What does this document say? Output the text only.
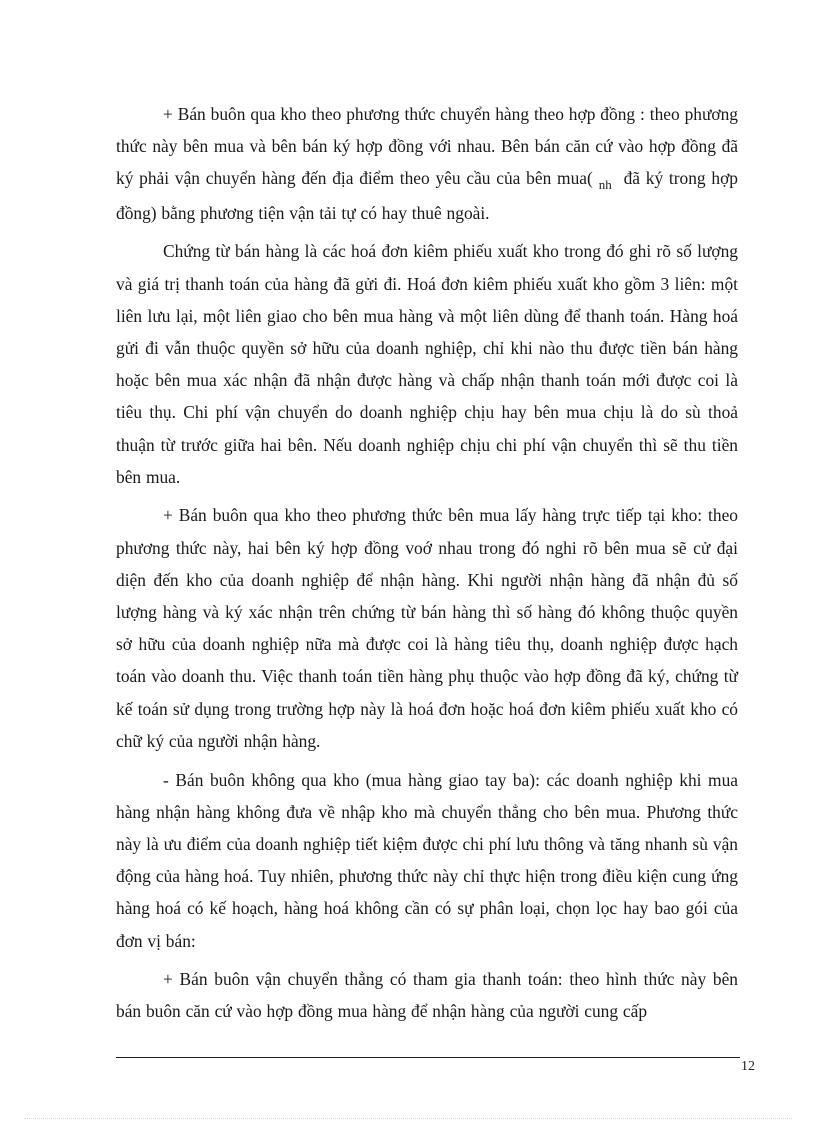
+ Bán buôn qua kho theo phương thức chuyển hàng theo hợp đồng : theo phương thức này bên mua và bên bán ký hợp đồng với nhau. Bên bán căn cứ vào hợp đồng đã ký phải vận chuyển hàng đến địa điểm theo yêu cầu của bên mua( $_{nh}$ đã ký trong hợp đồng) bằng phương tiện vận tải tự có hay thuê ngoài.

Chứng từ bán hàng là các hoá đơn kiêm phiếu xuất kho trong đó ghi rõ số lượng và giá trị thanh toán của hàng đã gửi đi. Hoá đơn kiêm phiếu xuất kho gồm 3 liên: một liên lưu lại, một liên giao cho bên mua hàng và một liên dùng để thanh toán. Hàng hoá gửi đi vẫn thuộc quyền sở hữu của doanh nghiệp, chỉ khi nào thu được tiền bán hàng hoặc bên mua xác nhận đã nhận được hàng và chấp nhận thanh toán mới được coi là tiêu thụ. Chi phí vận chuyển do doanh nghiệp chịu hay bên mua chịu là do sù thoả thuận từ trước giữa hai bên. Nếu doanh nghiệp chịu chi phí vận chuyển thì sẽ thu tiền bên mua.

+ Bán buôn qua kho theo phương thức bên mua lấy hàng trực tiếp tại kho: theo phương thức này, hai bên ký hợp đồng voớ nhau trong đó nghi rõ bên mua sẽ cử đại diện đến kho của doanh nghiệp để nhận hàng. Khi người nhận hàng đã nhận đủ số lượng hàng và ký xác nhận trên chứng từ bán hàng thì số hàng đó không thuộc quyền sở hữu của doanh nghiệp nữa mà được coi là hàng tiêu thụ, doanh nghiệp được hạch toán vào doanh thu. Việc thanh toán tiền hàng phụ thuộc vào hợp đồng đã ký, chứng từ kế toán sử dụng trong trường hợp này là hoá đơn hoặc hoá đơn kiêm phiếu xuất kho có chữ ký của người nhận hàng.

- Bán buôn không qua kho (mua hàng giao tay ba): các doanh nghiệp khi mua hàng nhận hàng không đưa về nhập kho mà chuyển thẳng cho bên mua. Phương thức này là ưu điểm của doanh nghiệp tiết kiệm được chi phí lưu thông và tăng nhanh sù vận động của hàng hoá. Tuy nhiên, phương thức này chỉ thực hiện trong điều kiện cung ứng hàng hoá có kế hoạch, hàng hoá không cần có sự phân loại, chọn lọc hay bao gói của đơn vị bán:

+ Bán buôn vận chuyển thẳng có tham gia thanh toán: theo hình thức này bên bán buôn căn cứ vào hợp đồng mua hàng để nhận hàng của người cung cấp

12
